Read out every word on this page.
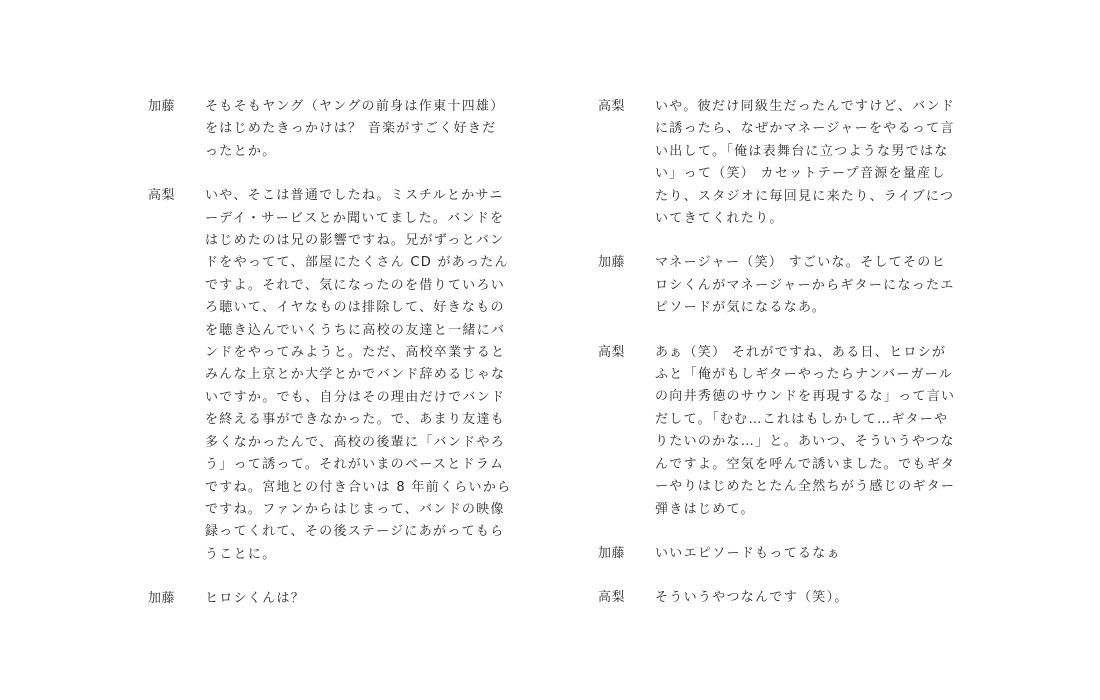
加藤	そもそもヤング（ヤングの前身は作東十四雄）
をはじめたきっかけは？ 音楽がすごく好きだ
ったとか。
高梨	いや、そこは普通でしたね。ミスチルとかサニ
ーデイ・サービスとか聞いてました。バンドを
はじめたのは兄の影響ですね。兄がずっとバン
ドをやってて、部屋にたくさん CD があったん
ですよ。それで、気になったのを借りていろい
ろ聴いて、イヤなものは排除して、好きなもの
を聴き込んでいくうちに高校の友達と一緒にバ
ンドをやってみようと。ただ、高校卒業すると
みんな上京とか大学とかでバンド辞めるじゃな
いですか。でも、自分はその理由だけでバンド
を終える事ができなかった。で、あまり友達も
多くなかったんで、高校の後輩に「バンドやろ
う」って誘って。それがいまのベースとドラム
ですね。宮地との付き合いは 8 年前くらいから
ですね。ファンからはじまって、バンドの映像
録ってくれて、その後ステージにあがってもら
うことに。
加藤	ヒロシくんは？
高梨	いや。彼だけ同級生だったんですけど、バンド
に誘ったら、なぜかマネージャーをやるって言
い出して。「俺は表舞台に立つような男ではな
い」って（笑） カセットテープ音源を量産し
たり、スタジオに毎回見に来たり、ライブにつ
いてきてくれたり。
加藤	マネージャー（笑） すごいな。そしてそのヒ
ロシくんがマネージャーからギターになったエ
ピソードが気になるなあ。
高梨	あぁ（笑） それがですね、ある日、ヒロシが
ふと「俺がもしギターやったらナンバーガール
の向井秀徳のサウンドを再現するな」って言い
だして。「むむ…これはもしかして…ギターや
りたいのかな…」と。あいつ、そういうやつな
んですよ。空気を呼んで誘いました。でもギタ
ーやりはじめたとたん全然ちがう感じのギター
弾きはじめて。
加藤	いいエピソードもってるなぁ
高梨	そういうやつなんです（笑）。
